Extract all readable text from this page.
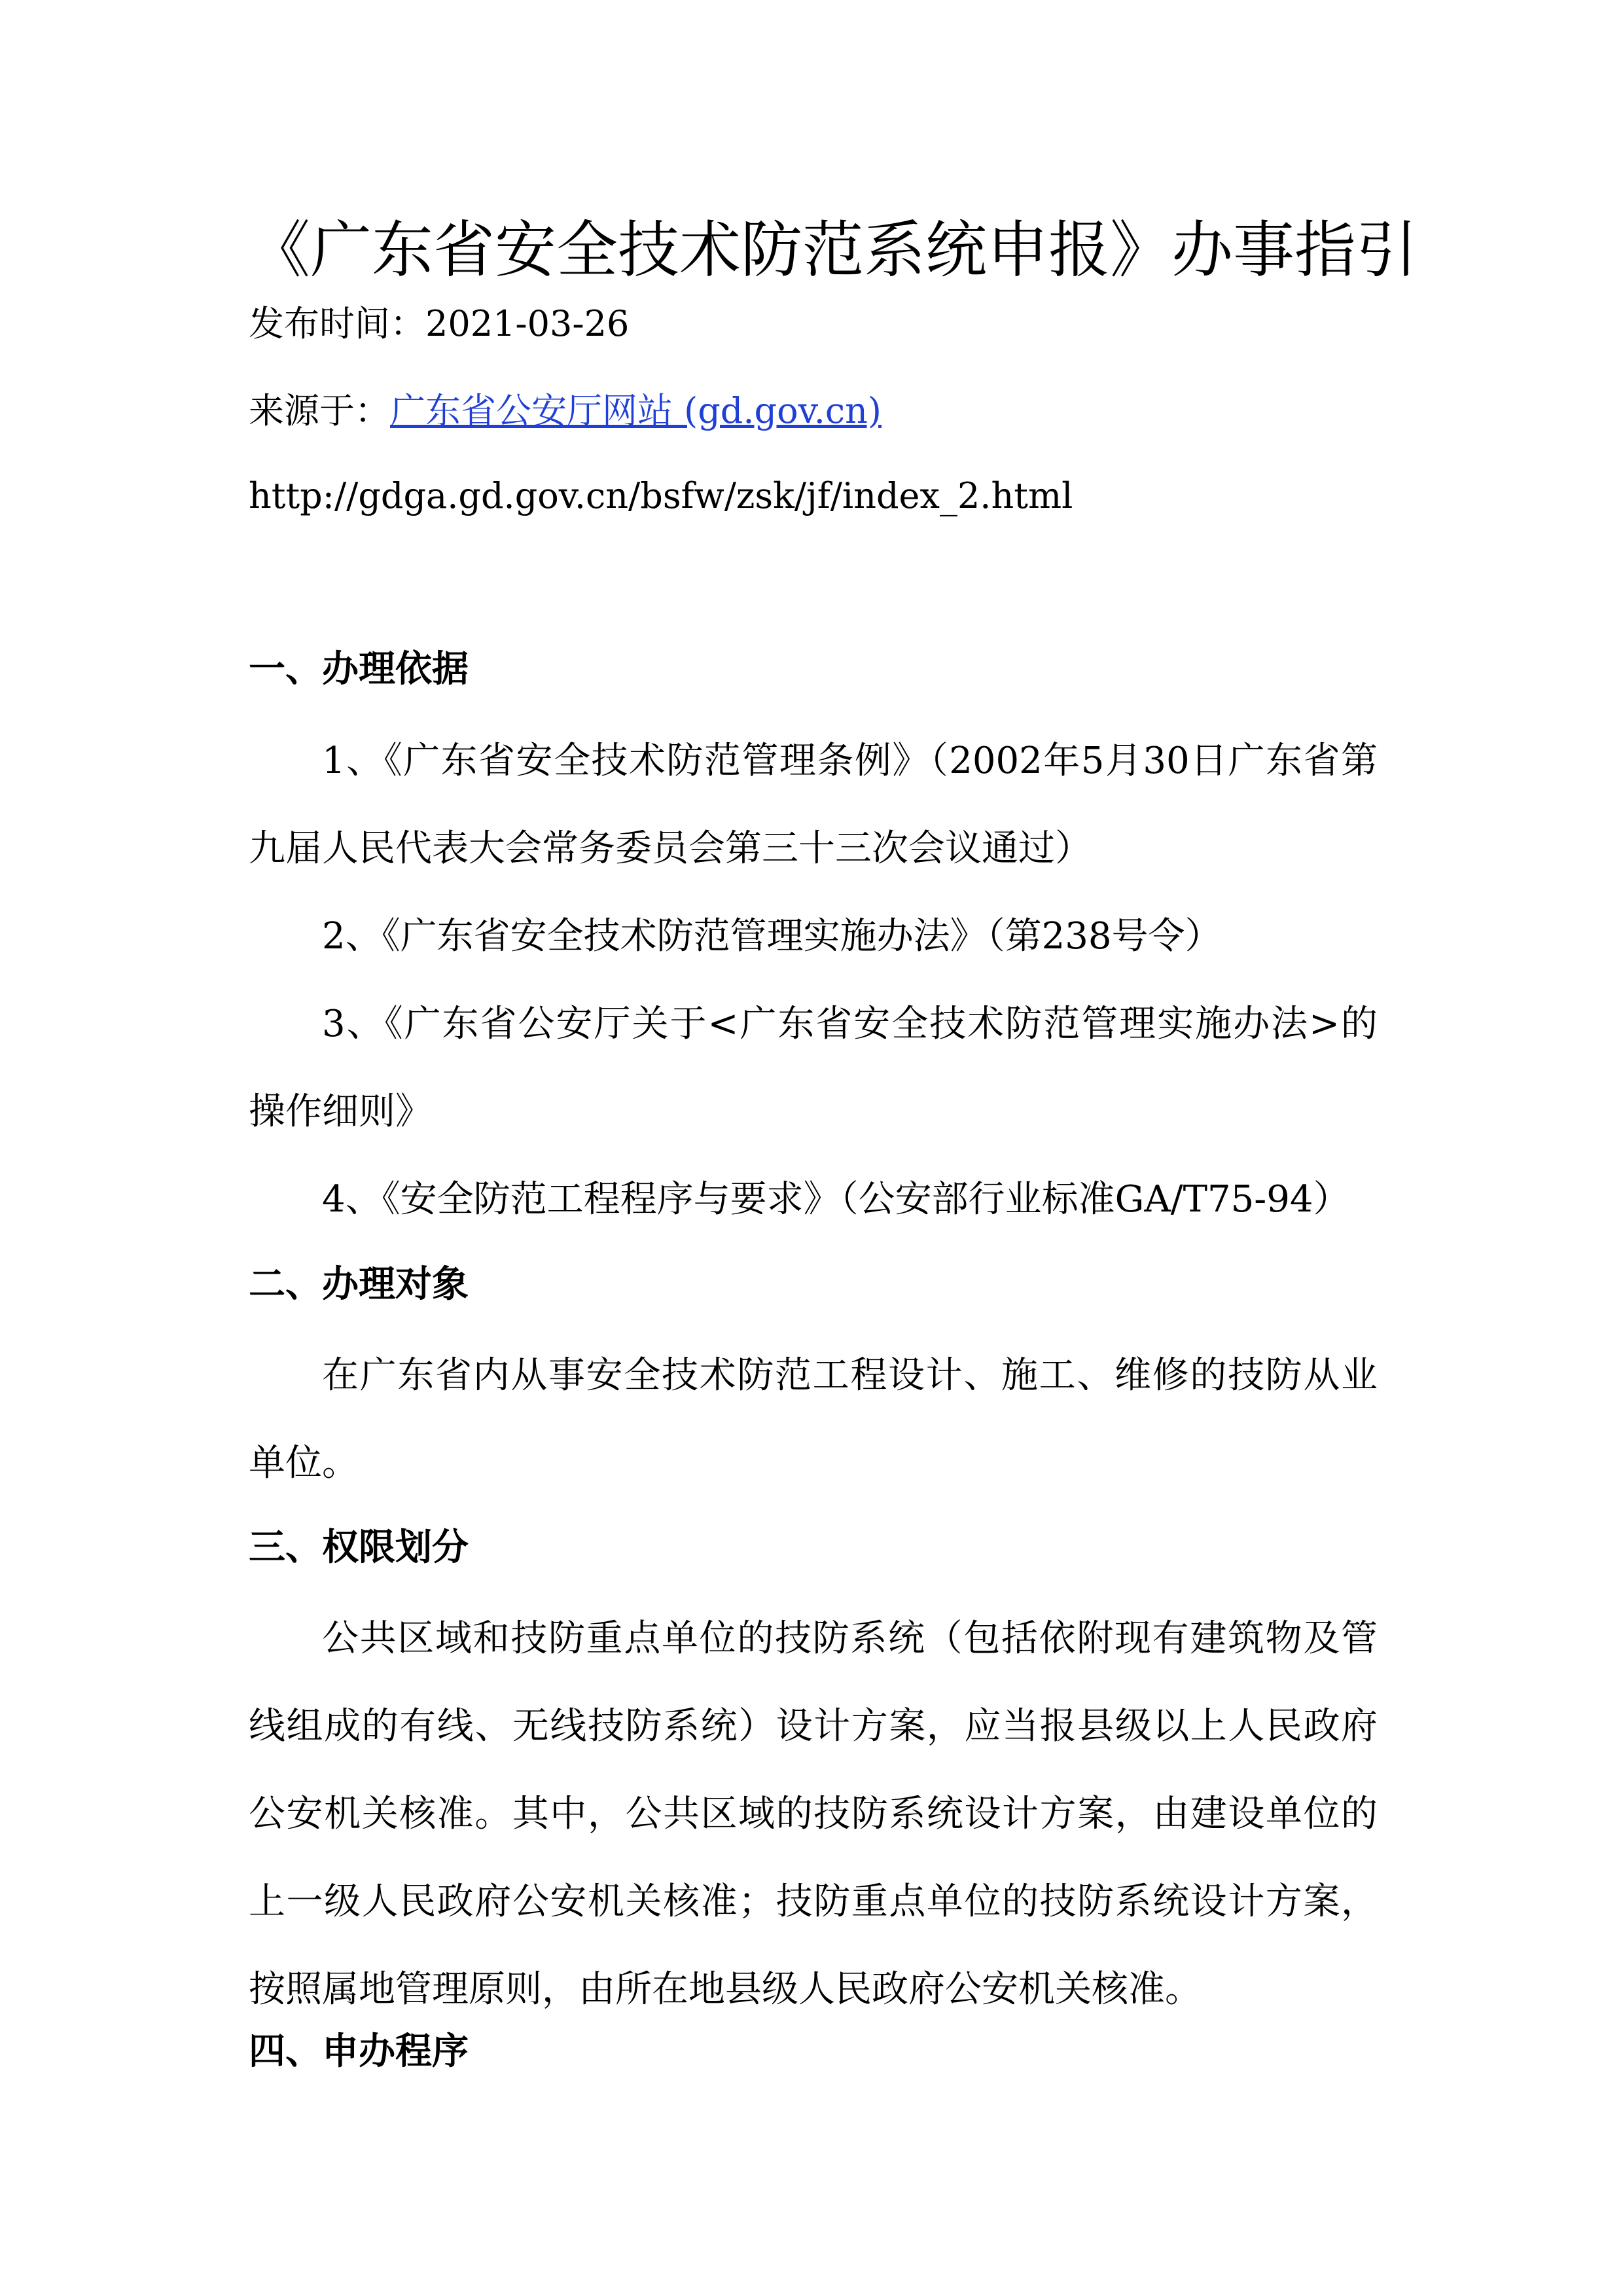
《广东省安全技术防范系统申报》办事指引
发布时间：2021-03-26
来源于：广东省公安厅网站 (gd.gov.cn)
http://gdga.gd.gov.cn/bsfw/zsk/jf/index_2.html
一、办理依据

1、《广东省安全技术防范管理条例》（2002年5月30日广东省第九届人民代表大会常务委员会第三十三次会议通过）

2、《广东省安全技术防范管理实施办法》（第238号令）

3、《广东省公安厅关于<广东省安全技术防范管理实施办法>的操作细则》

4、《安全防范工程程序与要求》（公安部行业标准GA/T75-94）

二、办理对象

在广东省内从事安全技术防范工程设计、施工、维修的技防从业单位。

三、权限划分

公共区域和技防重点单位的技防系统（包括依附现有建筑物及管线组成的有线、无线技防系统）设计方案，应当报县级以上人民政府公安机关核准。其中，公共区域的技防系统设计方案，由建设单位的上一级人民政府公安机关核准；技防重点单位的技防系统设计方案，按照属地管理原则，由所在地县级人民政府公安机关核准。

四、申办程序
